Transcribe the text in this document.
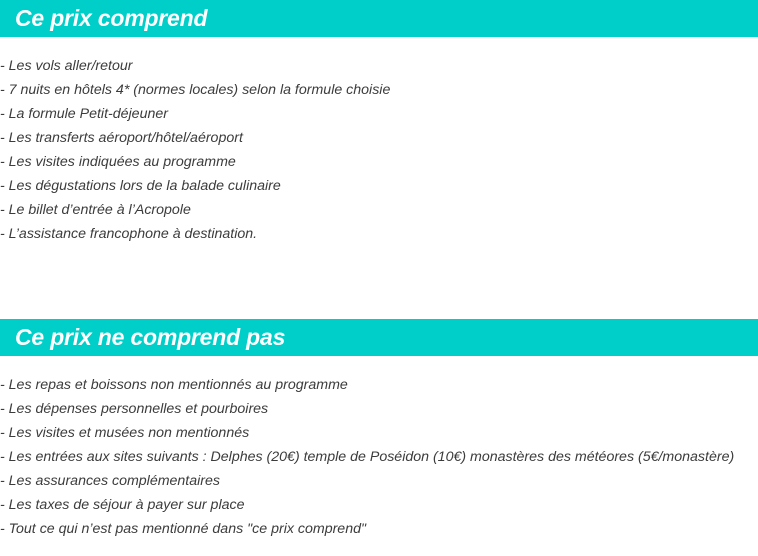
Ce prix comprend
- Les vols aller/retour
- 7 nuits en hôtels 4* (normes locales) selon la formule choisie
- La formule Petit-déjeuner
- Les transferts aéroport/hôtel/aéroport
- Les visites indiquées au programme
- Les dégustations lors de la balade culinaire
- Le billet d’entrée à l’Acropole
- L’assistance francophone à destination.
Ce prix ne comprend pas
- Les repas et boissons non mentionnés au programme
- Les dépenses personnelles et pourboires
- Les visites et musées non mentionnés
- Les entrées aux sites suivants : Delphes (20€) temple de Poséidon (10€) monastères des météores (5€/monastère)
- Les assurances complémentaires
- Les taxes de séjour à payer sur place
- Tout ce qui n’est pas mentionné dans "ce prix comprend"
